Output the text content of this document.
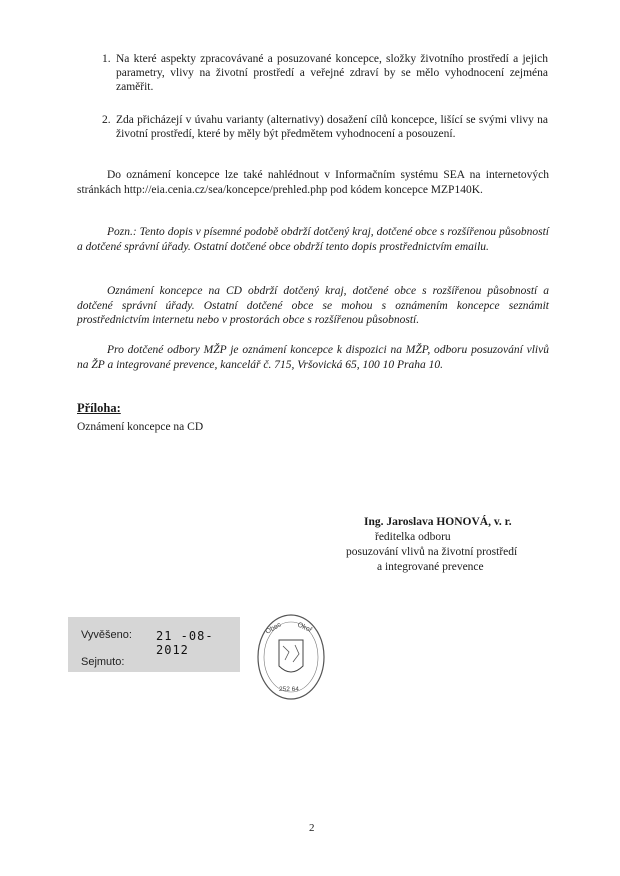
1. Na které aspekty zpracovávané a posuzované koncepce, složky životního prostředí a jejich parametry, vlivy na životní prostředí a veřejné zdraví by se mělo vyhodnocení zejména zaměřit.
2. Zda přicházejí v úvahu varianty (alternativy) dosažení cílů koncepce, lišící se svými vlivy na životní prostředí, které by měly být předmětem vyhodnocení a posouzení.
Do oznámení koncepce lze také nahlédnout v Informačním systému SEA na internetových stránkách http://eia.cenia.cz/sea/koncepce/prehled.php pod kódem koncepce MZP140K.
Pozn.: Tento dopis v písemné podobě obdrží dotčený kraj, dotčené obce s rozšířenou působností a dotčené správní úřady. Ostatní dotčené obce obdrží tento dopis prostřednictvím emailu.
Oznámení koncepce na CD obdrží dotčený kraj, dotčené obce s rozšířenou působností a dotčené správní úřady. Ostatní dotčené obce se mohou s oznámením koncepce seznámit prostřednictvím internetu nebo v prostorách obce s rozšířenou působností.
Pro dotčené odbory MŽP je oznámení koncepce k dispozici na MŽP, odboru posuzování vlivů na ŽP a integrované prevence, kancelář č. 715, Vršovická 65, 100 10 Praha 10.
Příloha:
Oznámení koncepce na CD
Ing. Jaroslava HONOVÁ, v. r.
ředitelka odboru
posuzování vlivů na životní prostředí
a integrované prevence
Vyvěšeno: 21 -08- 2012
Sejmuto:
Obec Okoř
252 64
2
